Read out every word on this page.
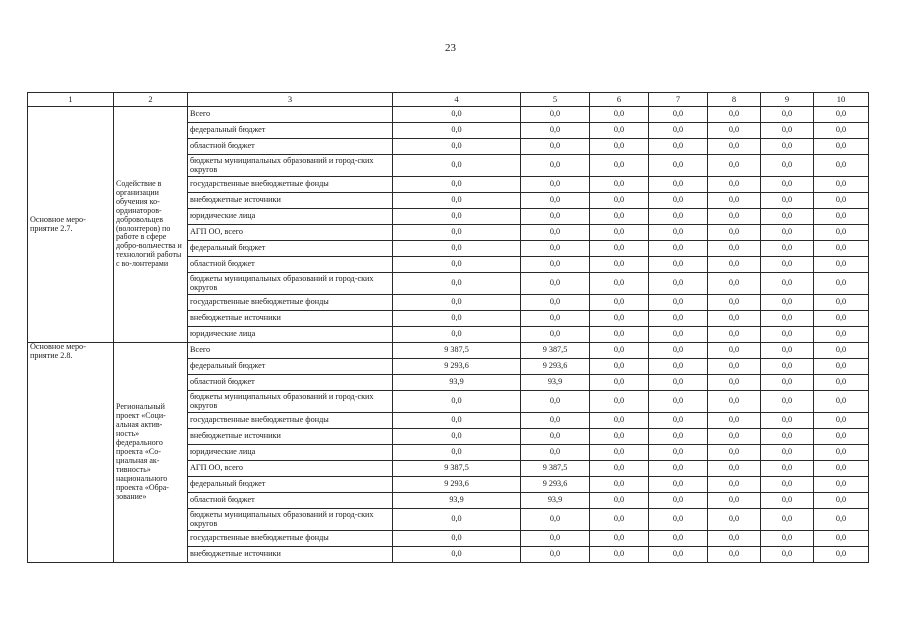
23
1	2	3	4	5	6	7	8	9	10
Основное меро-приятие 2.7.	Содействие в организации обучения ко-ординаторов-добровольцев (волонтеров) по работе в сфере добро-вольчества и технологий работы с во-лонтерами	Всего	0,0	0,0	0,0	0,0	0,0	0,0	0,0
		федеральный бюджет	0,0	0,0	0,0	0,0	0,0	0,0	0,0
		областной бюджет	0,0	0,0	0,0	0,0	0,0	0,0	0,0
		бюджеты муниципальных образований и город-ских округов	0,0	0,0	0,0	0,0	0,0	0,0	0,0
		государственные внебюджетные фонды	0,0	0,0	0,0	0,0	0,0	0,0	0,0
		внебюджетные источники	0,0	0,0	0,0	0,0	0,0	0,0	0,0
		юридические лица	0,0	0,0	0,0	0,0	0,0	0,0	0,0
		АГП ОО, всего	0,0	0,0	0,0	0,0	0,0	0,0	0,0
		федеральный бюджет	0,0	0,0	0,0	0,0	0,0	0,0	0,0
		областной бюджет	0,0	0,0	0,0	0,0	0,0	0,0	0,0
		бюджеты муниципальных образований и город-ских округов	0,0	0,0	0,0	0,0	0,0	0,0	0,0
		государственные внебюджетные фонды	0,0	0,0	0,0	0,0	0,0	0,0	0,0
		внебюджетные источники	0,0	0,0	0,0	0,0	0,0	0,0	0,0
		юридические лица	0,0	0,0	0,0	0,0	0,0	0,0	0,0
Основное меро-приятие 2.8.	Региональный проект «Соци-альная актив-ность» федерального проекта «Со-циальная ак-тивность» национального проекта «Обра-зование»	Всего	9 387,5	9 387,5	0,0	0,0	0,0	0,0	0,0
		федеральный бюджет	9 293,6	9 293,6	0,0	0,0	0,0	0,0	0,0
		областной бюджет	93,9	93,9	0,0	0,0	0,0	0,0	0,0
		бюджеты муниципальных образований и город-ских округов	0,0	0,0	0,0	0,0	0,0	0,0	0,0
		государственные внебюджетные фонды	0,0	0,0	0,0	0,0	0,0	0,0	0,0
		внебюджетные источники	0,0	0,0	0,0	0,0	0,0	0,0	0,0
		юридические лица	0,0	0,0	0,0	0,0	0,0	0,0	0,0
		АГП ОО, всего	9 387,5	9 387,5	0,0	0,0	0,0	0,0	0,0
		федеральный бюджет	9 293,6	9 293,6	0,0	0,0	0,0	0,0	0,0
		областной бюджет	93,9	93,9	0,0	0,0	0,0	0,0	0,0
		бюджеты муниципальных образований и город-ских округов	0,0	0,0	0,0	0,0	0,0	0,0	0,0
		государственные внебюджетные фонды	0,0	0,0	0,0	0,0	0,0	0,0	0,0
		внебюджетные источники	0,0	0,0	0,0	0,0	0,0	0,0	0,0
